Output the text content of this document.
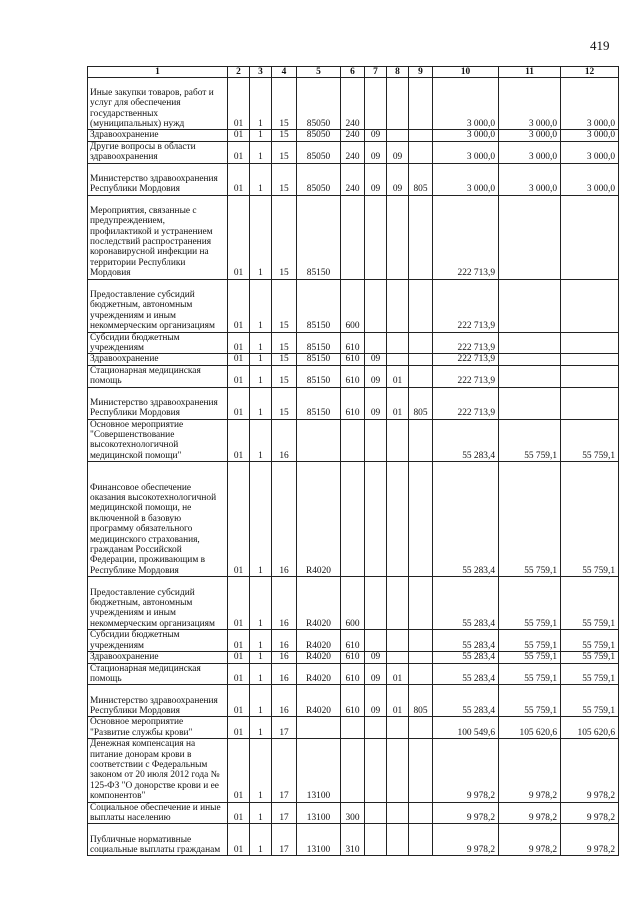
419
1	2	3	4	5	6	7	8	9	10	11	12
Иные закупки товаров, работ и услуг для обеспечения государственных (муниципальных) нужд	01	1	15	85050	240				3 000,0	3 000,0	3 000,0
Здравоохранение	01	1	15	85050	240	09			3 000,0	3 000,0	3 000,0
Другие вопросы в области здравоохранения	01	1	15	85050	240	09	09		3 000,0	3 000,0	3 000,0
Министерство здравоохранения Республики Мордовия	01	1	15	85050	240	09	09	805	3 000,0	3 000,0	3 000,0
Мероприятия, связанные с предупреждением, профилактикой и устранением последствий распространения коронавирусной инфекции на территории Республики Мордовия	01	1	15	85150					222 713,9		
Предоставление субсидий бюджетным, автономным учреждениям и иным некоммерческим организациям	01	1	15	85150	600				222 713,9		
Субсидии бюджетным учреждениям	01	1	15	85150	610				222 713,9		
Здравоохранение	01	1	15	85150	610	09			222 713,9		
Стационарная медицинская помощь	01	1	15	85150	610	09	01		222 713,9		
Министерство здравоохранения Республики Мордовия	01	1	15	85150	610	09	01	805	222 713,9		
Основное мероприятие "Совершенствование высокотехнологичной медицинской помощи"	01	1	16						55 283,4	55 759,1	55 759,1
Финансовое обеспечение оказания высокотехнологичной медицинской помощи, не включенной в базовую программу обязательного медицинского страхования, гражданам Российской Федерации, проживающим в Республике Мордовия	01	1	16	R4020					55 283,4	55 759,1	55 759,1
Предоставление субсидий бюджетным, автономным учреждениям и иным некоммерческим организациям	01	1	16	R4020	600				55 283,4	55 759,1	55 759,1
Субсидии бюджетным учреждениям	01	1	16	R4020	610				55 283,4	55 759,1	55 759,1
Здравоохранение	01	1	16	R4020	610	09			55 283,4	55 759,1	55 759,1
Стационарная медицинская помощь	01	1	16	R4020	610	09	01		55 283,4	55 759,1	55 759,1
Министерство здравоохранения Республики Мордовия	01	1	16	R4020	610	09	01	805	55 283,4	55 759,1	55 759,1
Основное мероприятие "Развитие службы крови"	01	1	17						100 549,6	105 620,6	105 620,6
Денежная компенсация на питание донорам крови в соответствии с Федеральным законом от 20 июля 2012 года № 125-ФЗ "О донорстве крови и ее компонентов"	01	1	17	13100					9 978,2	9 978,2	9 978,2
Социальное обеспечение и иные выплаты населению	01	1	17	13100	300				9 978,2	9 978,2	9 978,2
Публичные нормативные социальные выплаты гражданам	01	1	17	13100	310				9 978,2	9 978,2	9 978,2
